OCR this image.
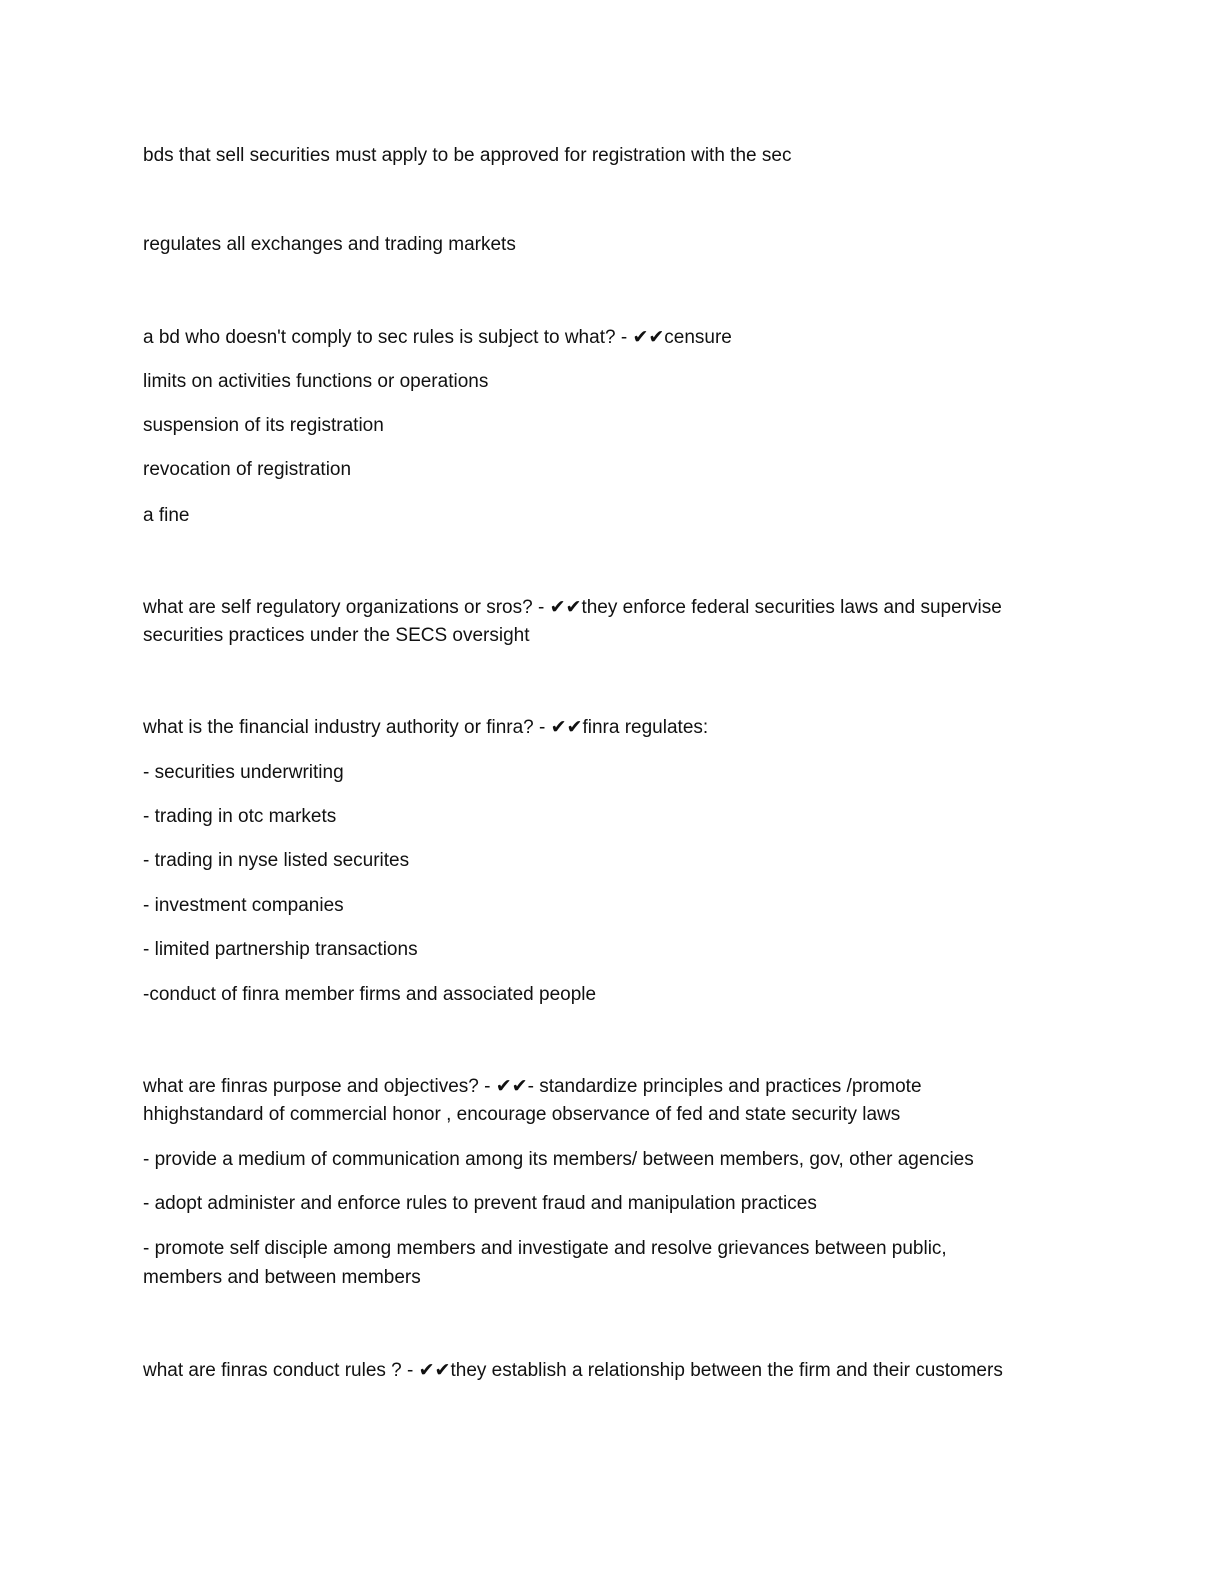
bds that sell securities must apply to be approved for registration with the sec
regulates all exchanges and trading markets
a bd who doesn't comply to sec rules is subject to what? - ✔✔censure
limits on activities functions or operations
suspension of its registration
revocation of registration
a fine
what are self regulatory organizations or sros? - ✔✔they enforce federal securities laws and supervise
securities practices under the SECS oversight
what is the financial industry authority or finra? - ✔✔finra regulates:
- securities underwriting
- trading in otc markets
- trading in nyse listed securites
- investment companies
- limited partnership transactions
-conduct of finra member firms and associated people
what are finras purpose and objectives? - ✔✔- standardize principles and practices /promote
hhighstandard of commercial honor , encourage observance of fed and state security laws
- provide a medium of communication among its members/ between members, gov, other agencies
- adopt administer and enforce rules to prevent fraud and manipulation practices
- promote self disciple among members and investigate and resolve grievances between public,
members and between members
what are finras conduct rules ? - ✔✔they establish a relationship between the firm and their customers
